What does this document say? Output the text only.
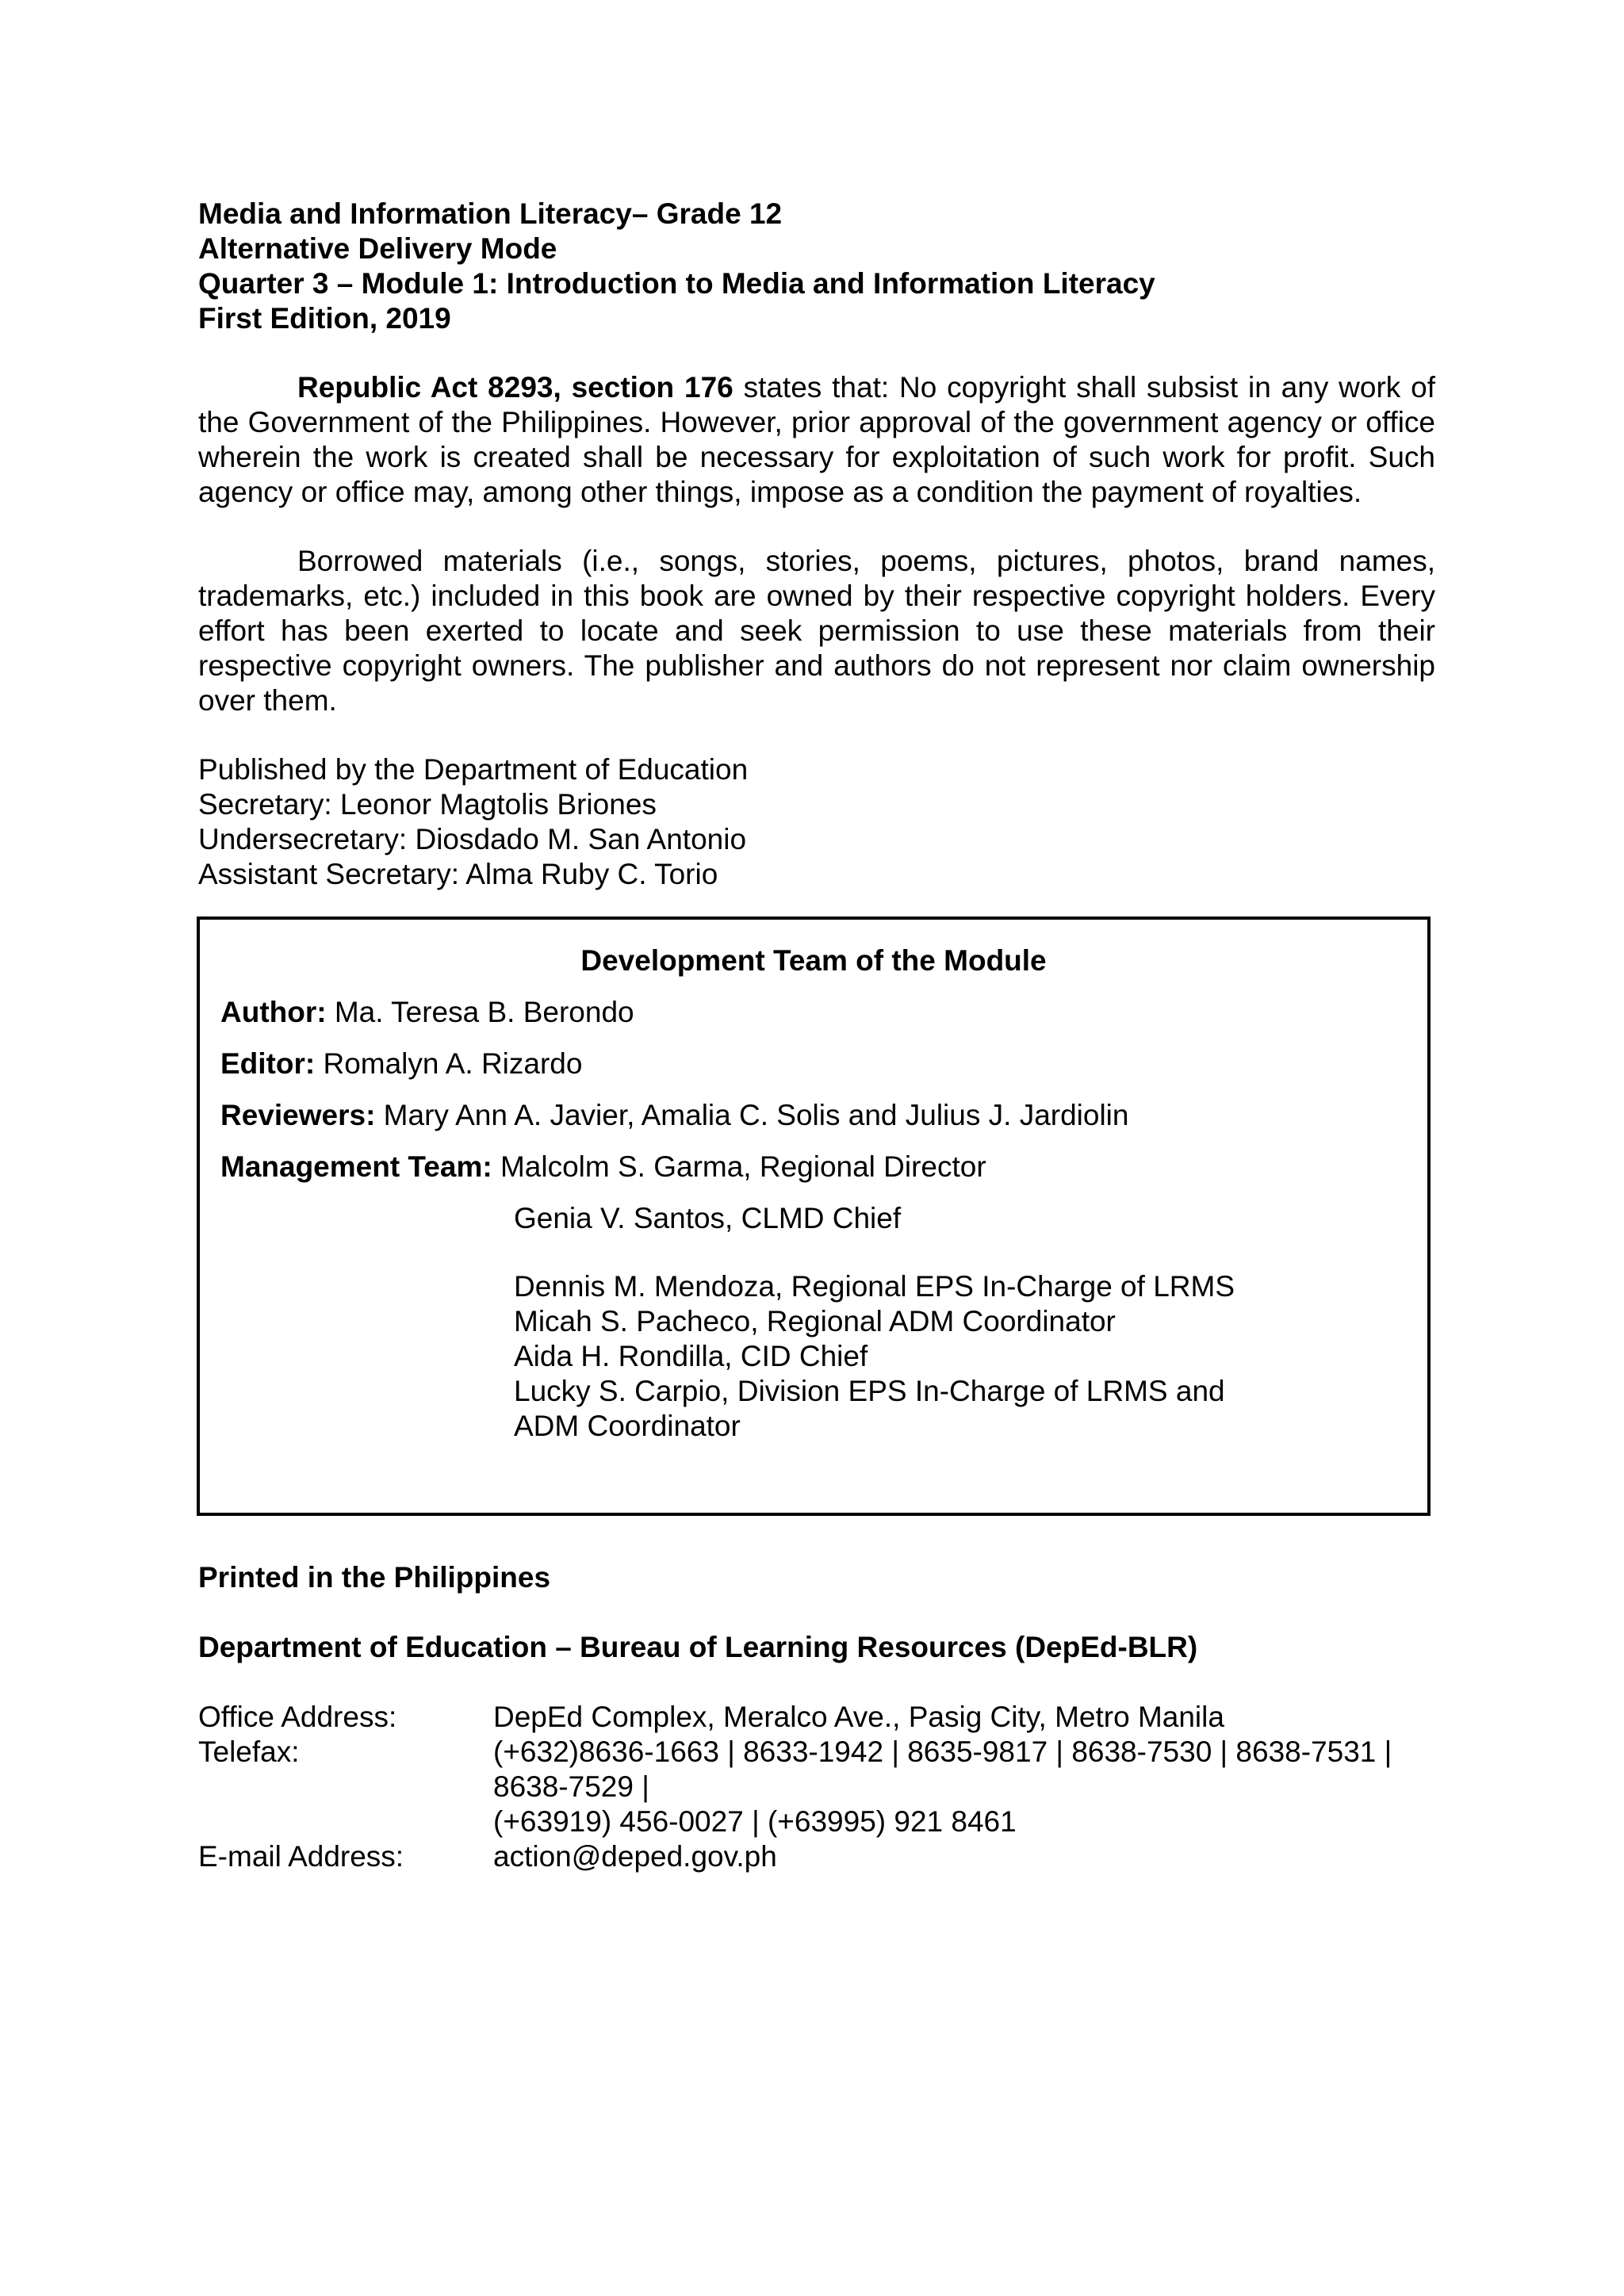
Media and Information Literacy– Grade 12
Alternative Delivery Mode
Quarter 3 – Module 1: Introduction to Media and Information Literacy
First Edition, 2019

Republic Act 8293, section 176 states that: No copyright shall subsist in any work of the Government of the Philippines. However, prior approval of the government agency or office wherein the work is created shall be necessary for exploitation of such work for profit. Such agency or office may, among other things, impose as a condition the payment of royalties.

Borrowed materials (i.e., songs, stories, poems, pictures, photos, brand names, trademarks, etc.) included in this book are owned by their respective copyright holders. Every effort has been exerted to locate and seek permission to use these materials from their respective copyright owners. The publisher and authors do not represent nor claim ownership over them.

Published by the Department of Education
Secretary: Leonor Magtolis Briones
Undersecretary: Diosdado M. San Antonio
Assistant Secretary: Alma Ruby C. Torio
Development Team of the Module
Author: Ma. Teresa B. Berondo
Editor: Romalyn A. Rizardo
Reviewers: Mary Ann A. Javier, Amalia C. Solis and Julius J. Jardiolin
Management Team: Malcolm S. Garma, Regional Director
Genia V. Santos, CLMD Chief
Dennis M. Mendoza, Regional EPS In-Charge of LRMS
Micah S. Pacheco, Regional ADM Coordinator
Aida H. Rondilla, CID Chief
Lucky S. Carpio, Division EPS In-Charge of LRMS and
ADM Coordinator
Printed in the Philippines
Department of Education – Bureau of Learning Resources (DepEd-BLR)
Office Address:	DepEd Complex, Meralco Ave., Pasig City, Metro Manila
Telefax:	(+632)8636-1663 | 8633-1942 | 8635-9817 | 8638-7530 | 8638-7531 |
8638-7529 |
(+63919) 456-0027 | (+63995) 921 8461
E-mail Address:	action@deped.gov.ph
